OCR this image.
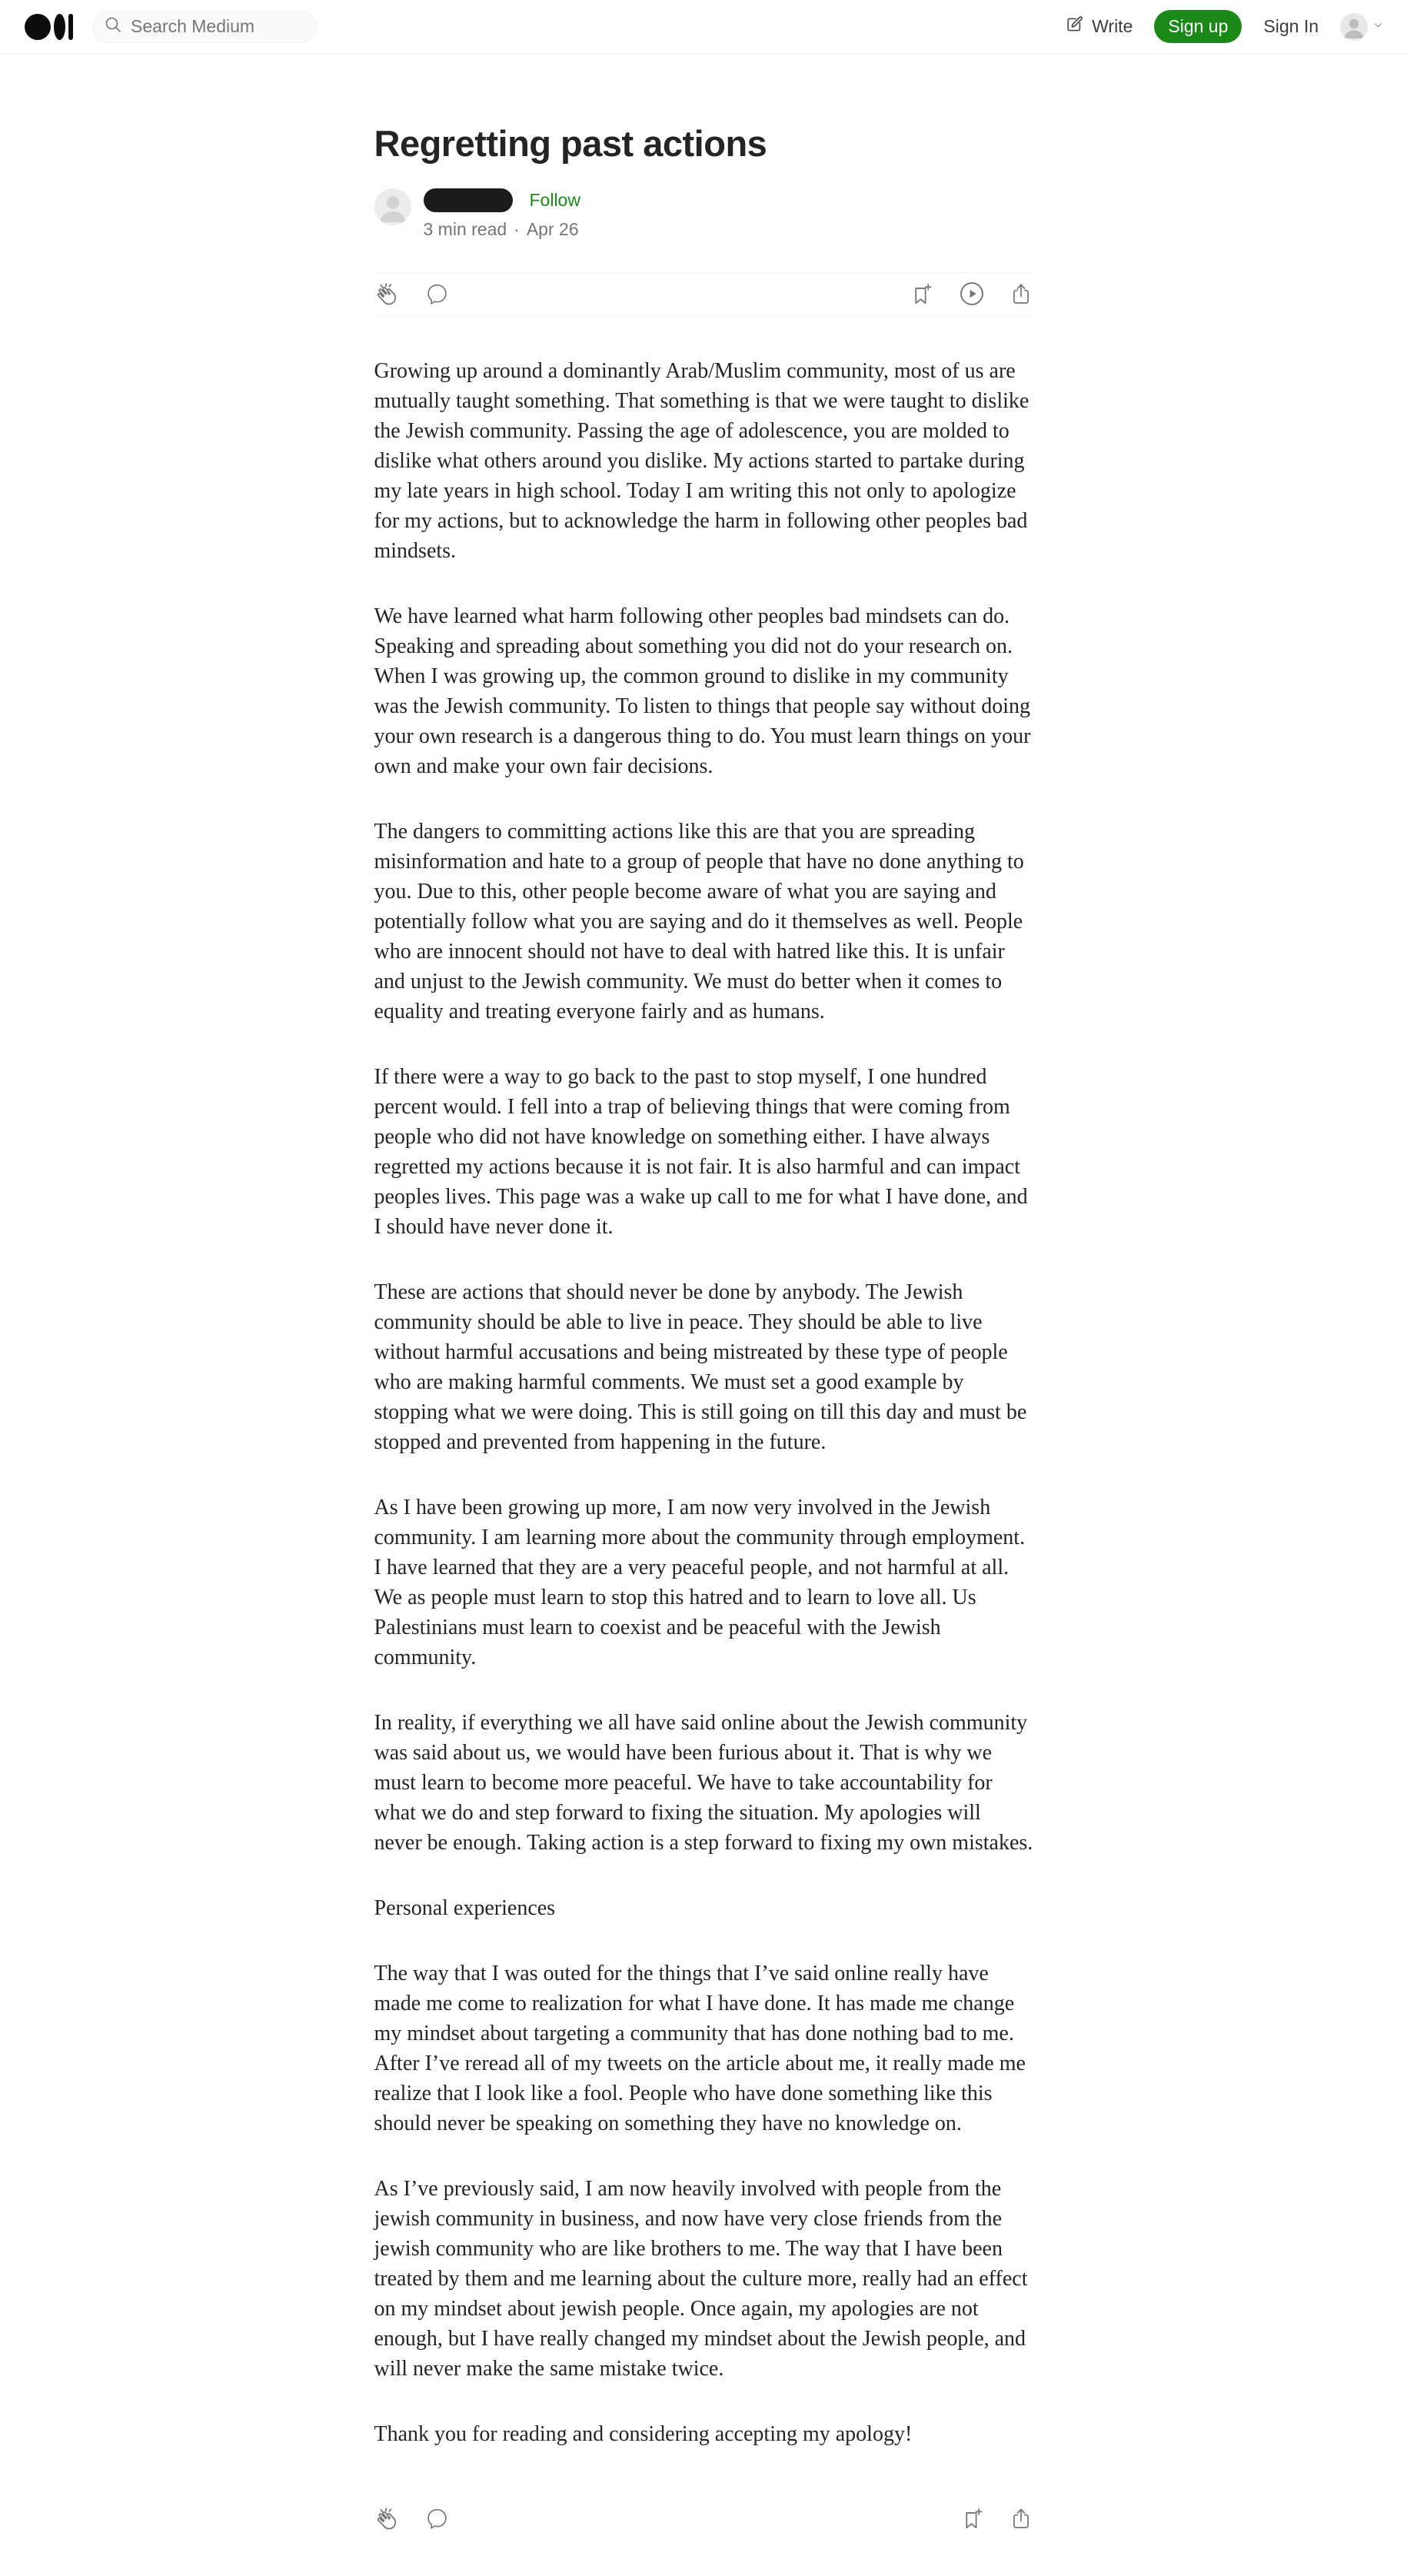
Search Medium
Write	Sign up	Sign In
Regretting past actions
Follow
3 min read · Apr 26

Growing up around a dominantly Arab/Muslim community, most of us are mutually taught something. That something is that we were taught to dislike the Jewish community. Passing the age of adolescence, you are molded to dislike what others around you dislike. My actions started to partake during my late years in high school. Today I am writing this not only to apologize for my actions, but to acknowledge the harm in following other peoples bad mindsets.

We have learned what harm following other peoples bad mindsets can do. Speaking and spreading about something you did not do your research on. When I was growing up, the common ground to dislike in my community was the Jewish community. To listen to things that people say without doing your own research is a dangerous thing to do. You must learn things on your own and make your own fair decisions.

The dangers to committing actions like this are that you are spreading misinformation and hate to a group of people that have no done anything to you. Due to this, other people become aware of what you are saying and potentially follow what you are saying and do it themselves as well. People who are innocent should not have to deal with hatred like this. It is unfair and unjust to the Jewish community. We must do better when it comes to equality and treating everyone fairly and as humans.

If there were a way to go back to the past to stop myself, I one hundred percent would. I fell into a trap of believing things that were coming from people who did not have knowledge on something either. I have always regretted my actions because it is not fair. It is also harmful and can impact peoples lives. This page was a wake up call to me for what I have done, and I should have never done it.

These are actions that should never be done by anybody. The Jewish community should be able to live in peace. They should be able to live without harmful accusations and being mistreated by these type of people who are making harmful comments. We must set a good example by stopping what we were doing. This is still going on till this day and must be stopped and prevented from happening in the future.

As I have been growing up more, I am now very involved in the Jewish community. I am learning more about the community through employment. I have learned that they are a very peaceful people, and not harmful at all. We as people must learn to stop this hatred and to learn to love all. Us Palestinians must learn to coexist and be peaceful with the Jewish community.

In reality, if everything we all have said online about the Jewish community was said about us, we would have been furious about it. That is why we must learn to become more peaceful. We have to take accountability for what we do and step forward to fixing the situation. My apologies will never be enough. Taking action is a step forward to fixing my own mistakes.

Personal experiences

The way that I was outed for the things that I’ve said online really have made me come to realization for what I have done. It has made me change my mindset about targeting a community that has done nothing bad to me. After I’ve reread all of my tweets on the article about me, it really made me realize that I look like a fool. People who have done something like this should never be speaking on something they have no knowledge on.

As I’ve previously said, I am now heavily involved with people from the jewish community in business, and now have very close friends from the jewish community who are like brothers to me. The way that I have been treated by them and me learning about the culture more, really had an effect on my mindset about jewish people. Once again, my apologies are not enough, but I have really changed my mindset about the Jewish people, and will never make the same mistake twice.

Thank you for reading and considering accepting my apology!
